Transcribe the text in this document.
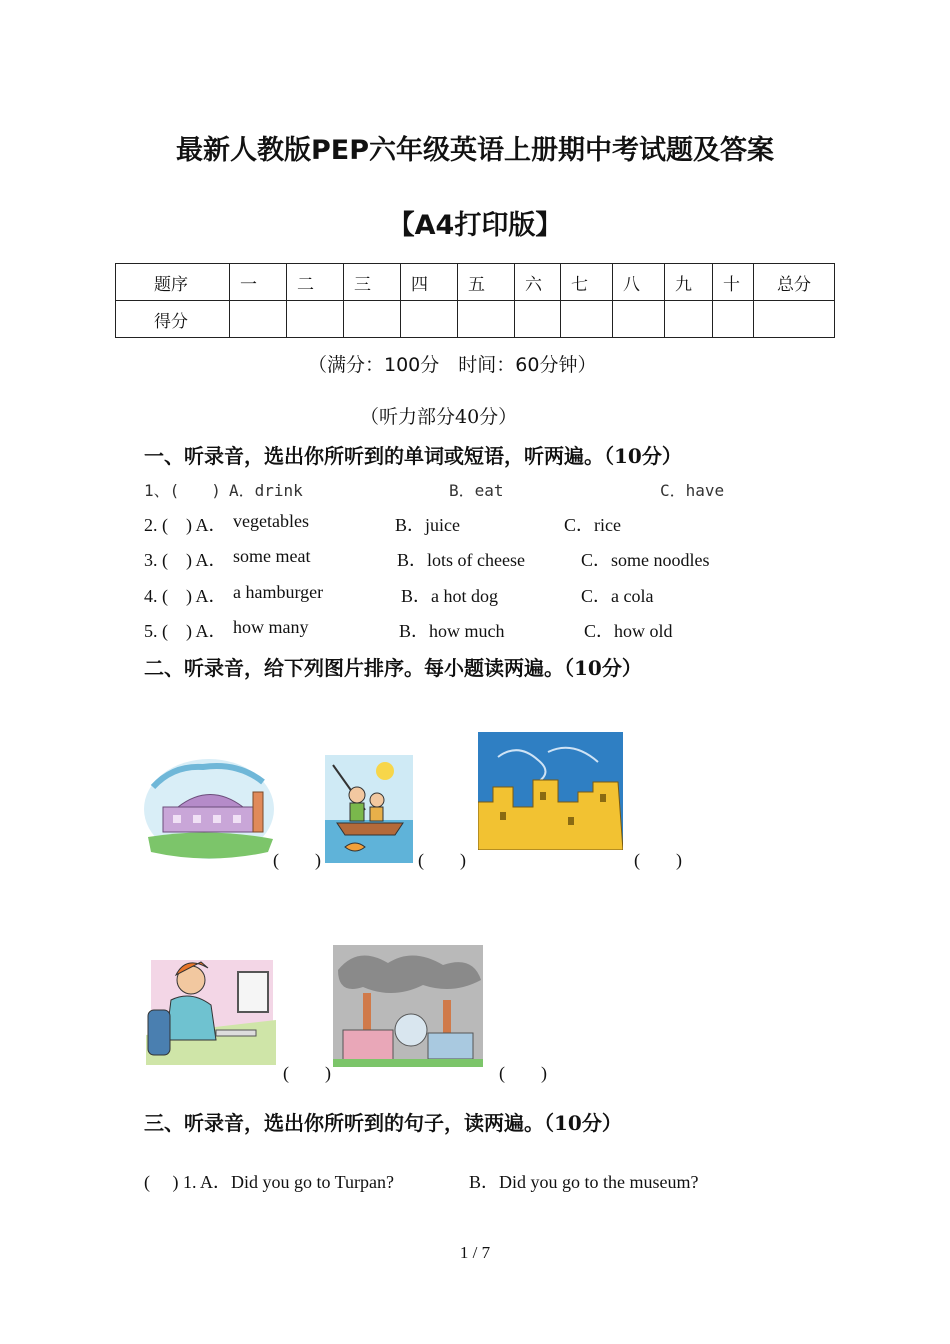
最新人教版PEP六年级英语上册期中考试题及答案
【A4打印版】
题序	一	二	三	四	五	六	七	八	九	十	总分
得分											
（满分：100分　时间：60分钟）
（听力部分40分）
一、听录音，选出你所听到的单词或短语，听两遍。（10分）
1、(　　) A．drink	B．eat	C．have
2. (　) A． vegetables	B．juice	C．rice
3. (　) A． some meat	B．lots of cheese	C．some noodles
4. (　) A． a hamburger	B．a hot dog	C．a cola
5. (　) A． how many	B．how much	C．how old
二、听录音，给下列图片排序。每小题读两遍。（10分）
(　　)	(　　)	(　　)
(　　)	(　　)
三、听录音，选出你所听到的句子，读两遍。（10分）
(　 ) 1. A．Did you go to Turpan?	B．Did you go to the museum?
1 / 7
